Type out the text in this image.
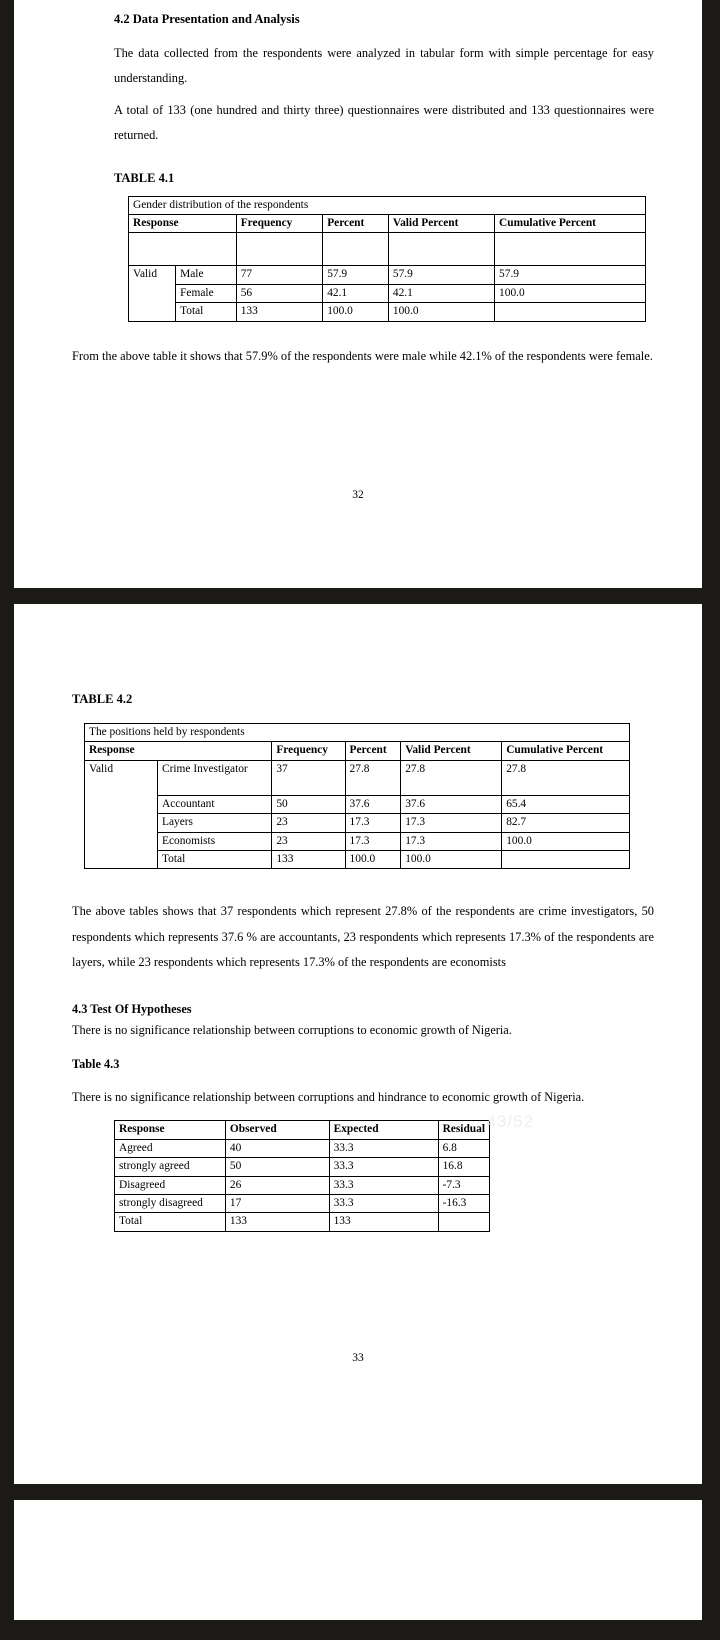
4.2 Data Presentation and Analysis

The data collected from the respondents were analyzed in tabular form with simple percentage for easy understanding.

A total of 133 (one hundred and thirty three) questionnaires were distributed and 133 questionnaires were returned.

TABLE 4.1
Gender distribution of the respondents					
Response		Frequency	Percent	Valid Percent	Cumulative Percent

Valid	Male	77	57.9	57.9	57.9
	Female	56	42.1	42.1	100.0
	Total	133	100.0	100.0	

From the above table it shows that 57.9% of the respondents were male while 42.1% of the respondents were female.

32
43/52
TABLE 4.2
The positions held by respondents					
Response		Frequency	Percent	Valid Percent	Cumulative Percent
Valid	Crime Investigator	37	27.8	27.8	27.8
	Accountant	50	37.6	37.6	65.4
	Layers	23	17.3	17.3	82.7
	Economists	23	17.3	17.3	100.0
	Total	133	100.0	100.0	

The above tables shows that 37 respondents which represent 27.8% of the respondents are crime investigators, 50 respondents which represents 37.6 % are accountants, 23 respondents which represents 17.3% of the respondents are layers, while 23 respondents which represents 17.3% of the respondents are economists

4.3 Test Of Hypotheses
There is no significance relationship between corruptions to economic growth of Nigeria.
Table 4.3
There is no significance relationship between corruptions and hindrance to economic growth of Nigeria.
Response	Observed	Expected	Residual
Agreed	40	33.3	6.8
strongly agreed	50	33.3	16.8
Disagreed	26	33.3	-7.3
strongly disagreed	17	33.3	-16.3
Total	133	133	
33
